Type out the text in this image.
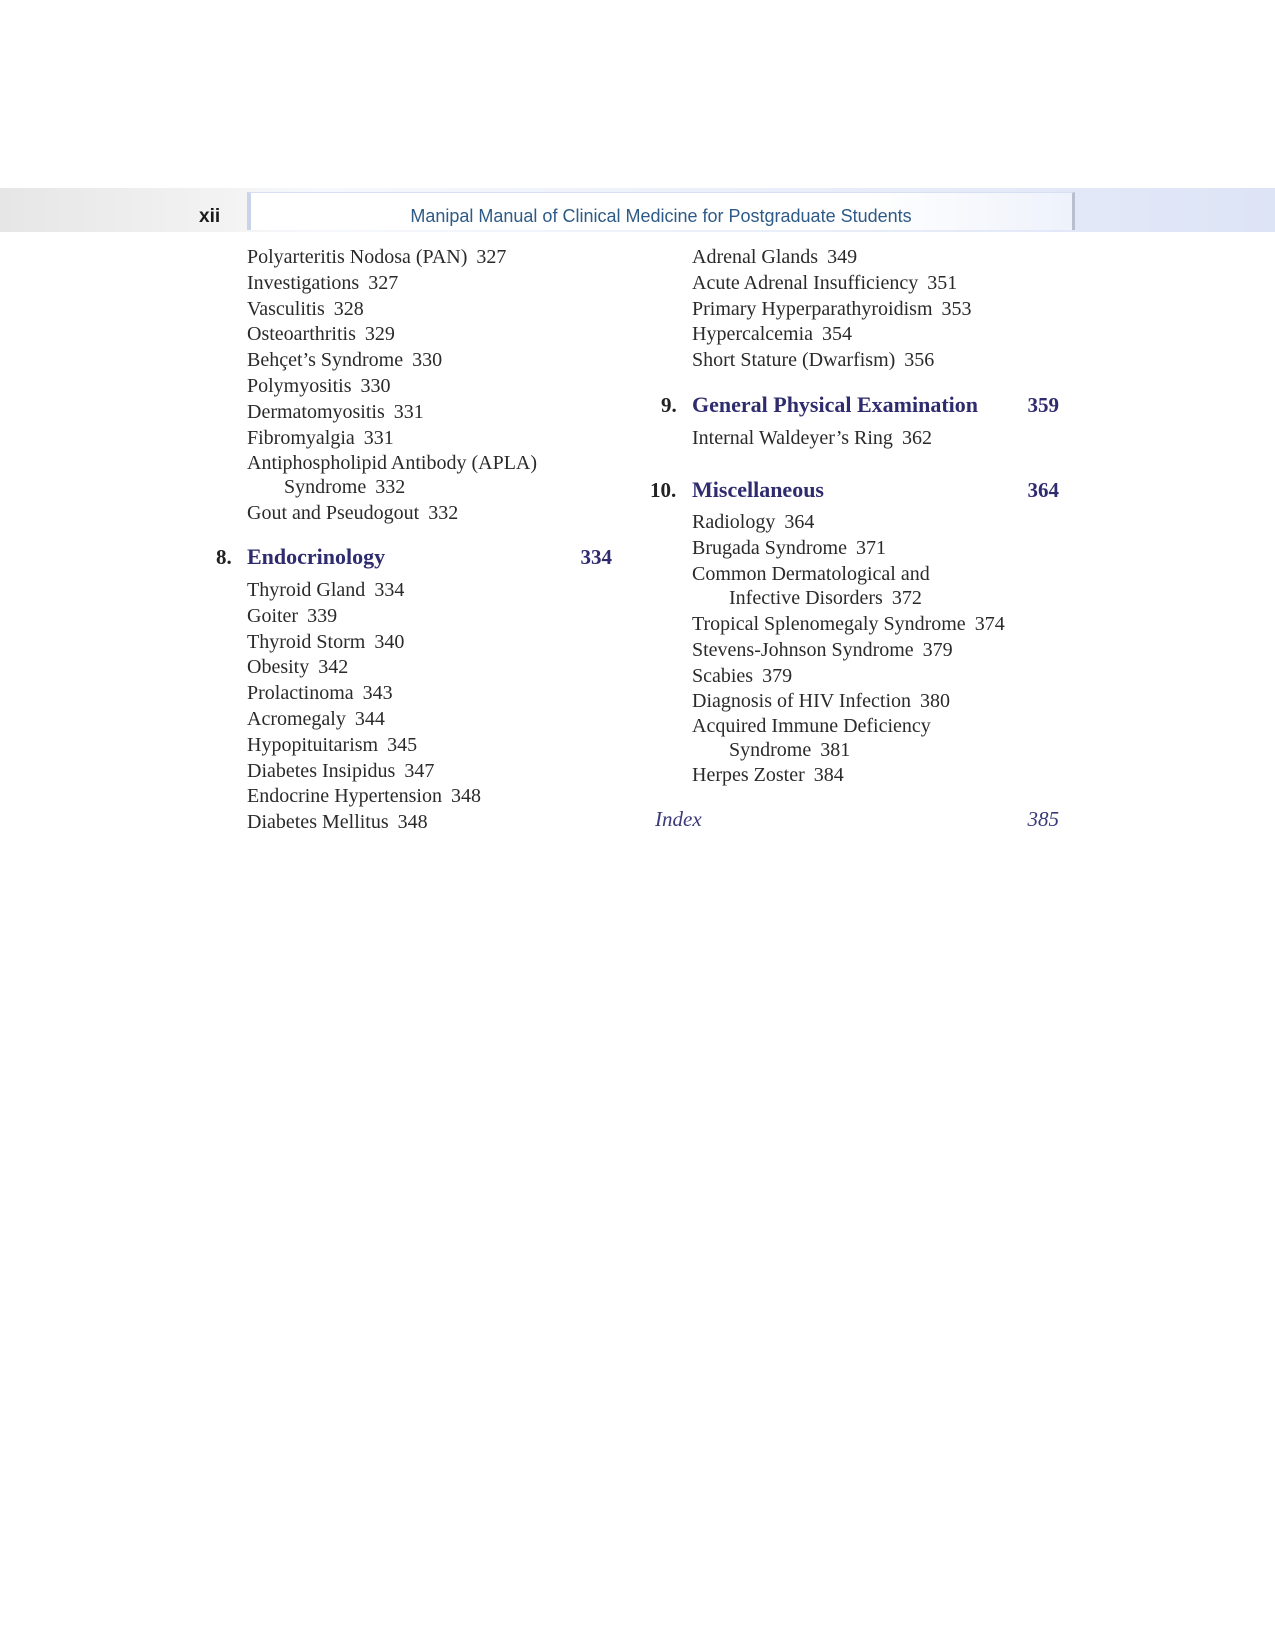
xii	Manipal Manual of Clinical Medicine for Postgraduate Students
Polyarteritis Nodosa (PAN) 327
Investigations 327
Vasculitis 328
Osteoarthritis 329
Behçet’s Syndrome 330
Polymyositis 330
Dermatomyositis 331
Fibromyalgia 331
Antiphospholipid Antibody (APLA)
Syndrome 332
Gout and Pseudogout 332
8. Endocrinology	334
Thyroid Gland 334
Goiter 339
Thyroid Storm 340
Obesity 342
Prolactinoma 343
Acromegaly 344
Hypopituitarism 345
Diabetes Insipidus 347
Endocrine Hypertension 348
Diabetes Mellitus 348
Adrenal Glands 349
Acute Adrenal Insufficiency 351
Primary Hyperparathyroidism 353
Hypercalcemia 354
Short Stature (Dwarfism) 356
9. General Physical Examination	359
Internal Waldeyer’s Ring 362
10. Miscellaneous	364
Radiology 364
Brugada Syndrome 371
Common Dermatological and
Infective Disorders 372
Tropical Splenomegaly Syndrome 374
Stevens-Johnson Syndrome 379
Scabies 379
Diagnosis of HIV Infection 380
Acquired Immune Deficiency
Syndrome 381
Herpes Zoster 384
Index	385
